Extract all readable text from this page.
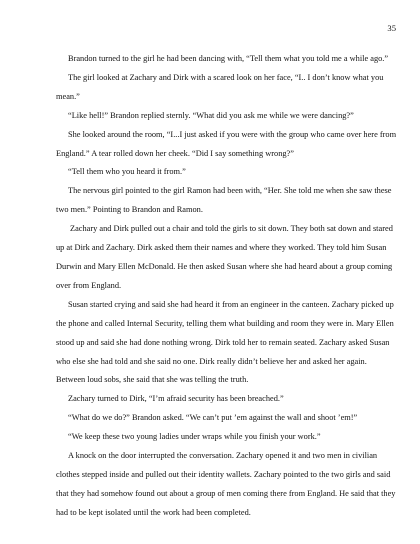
35

Brandon turned to the girl he had been dancing with, “Tell them what you told me a while ago.”

The girl looked at Zachary and Dirk with a scared look on her face, “I.. I don’t know what you mean.”

“Like hell!” Brandon replied sternly. “What did you ask me while we were dancing?”

She looked around the room, “I...I just asked if you were with the group who came over here from England.” A tear rolled down her cheek. “Did I say something wrong?”

“Tell them who you heard it from.”

The nervous girl pointed to the girl Ramon had been with, “Her. She told me when she saw these two men.” Pointing to Brandon and Ramon.

Zachary and Dirk pulled out a chair and told the girls to sit down. They both sat down and stared up at Dirk and Zachary. Dirk asked them their names and where they worked. They told him Susan Durwin and Mary Ellen McDonald. He then asked Susan where she had heard about a group coming over from England.

Susan started crying and said she had heard it from an engineer in the canteen. Zachary picked up the phone and called Internal Security, telling them what building and room they were in. Mary Ellen stood up and said she had done nothing wrong. Dirk told her to remain seated. Zachary asked Susan who else she had told and she said no one. Dirk really didn’t believe her and asked her again. Between loud sobs, she said that she was telling the truth.

Zachary turned to Dirk, “I’m afraid security has been breached.”

“What do we do?” Brandon asked. “We can’t put ’em against the wall and shoot ’em!”

“We keep these two young ladies under wraps while you finish your work.”

A knock on the door interrupted the conversation. Zachary opened it and two men in civilian clothes stepped inside and pulled out their identity wallets. Zachary pointed to the two girls and said that they had somehow found out about a group of men coming there from England. He said that they had to be kept isolated until the work had been completed.
